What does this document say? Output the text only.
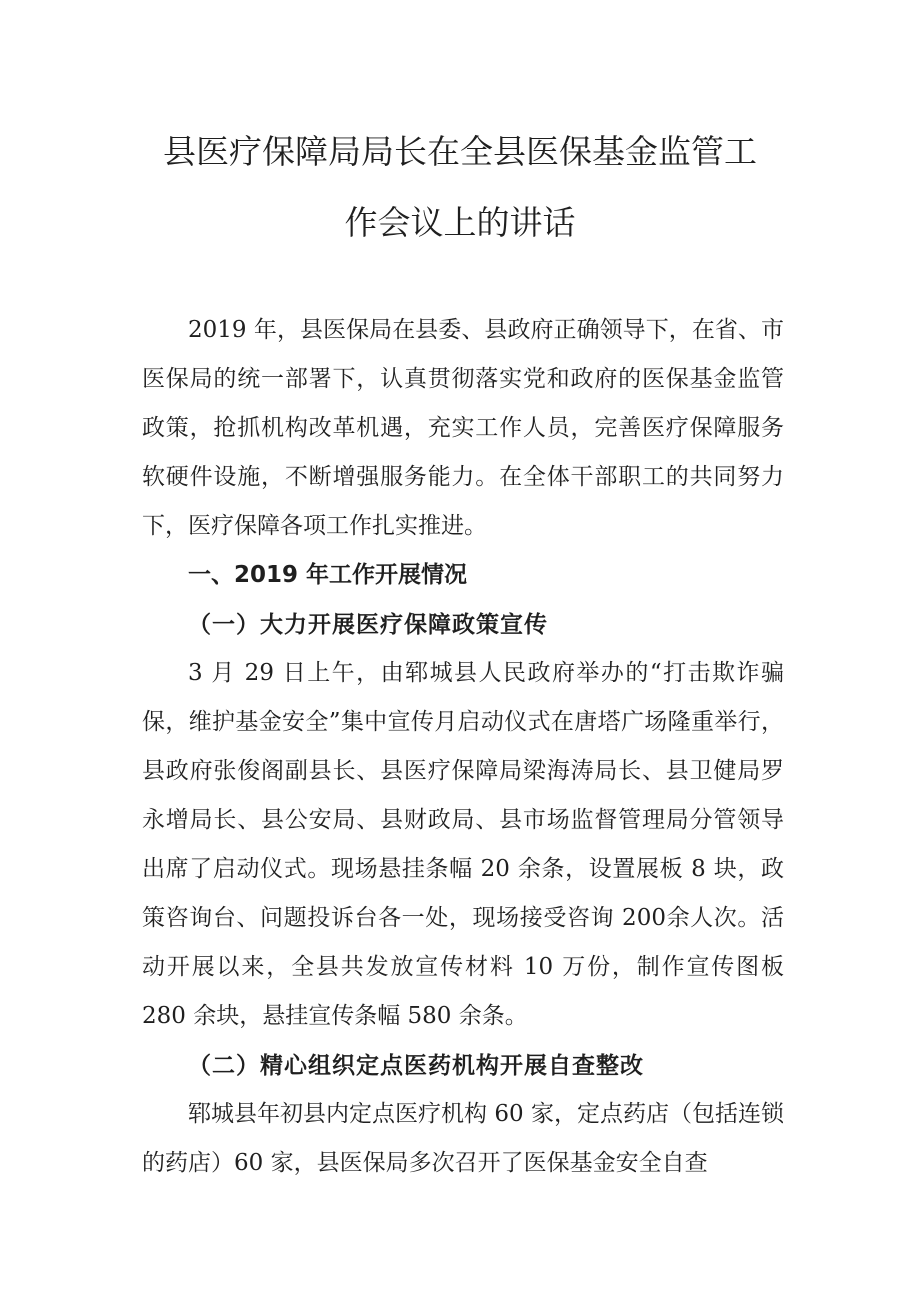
县医疗保障局局长在全县医保基金监管工
作会议上的讲话

2019 年，县医保局在县委、县政府正确领导下，在省、市医保局的统一部署下，认真贯彻落实党和政府的医保基金监管政策，抢抓机构改革机遇，充实工作人员，完善医疗保障服务软硬件设施，不断增强服务能力。在全体干部职工的共同努力下，医疗保障各项工作扎实推进。

一、2019 年工作开展情况

（一）大力开展医疗保障政策宣传

3 月 29 日上午，由郓城县人民政府举办的“打击欺诈骗保，维护基金安全”集中宣传月启动仪式在唐塔广场隆重举行，县政府张俊阁副县长、县医疗保障局梁海涛局长、县卫健局罗永增局长、县公安局、县财政局、县市场监督管理局分管领导出席了启动仪式。现场悬挂条幅 20 余条，设置展板 8 块，政策咨询台、问题投诉台各一处，现场接受咨询 200余人次。活动开展以来，全县共发放宣传材料 10 万份，制作宣传图板 280 余块，悬挂宣传条幅 580 余条。

（二）精心组织定点医药机构开展自查整改

郓城县年初县内定点医疗机构 60 家，定点药店（包括连锁的药店）60 家，县医保局多次召开了医保基金安全自查
